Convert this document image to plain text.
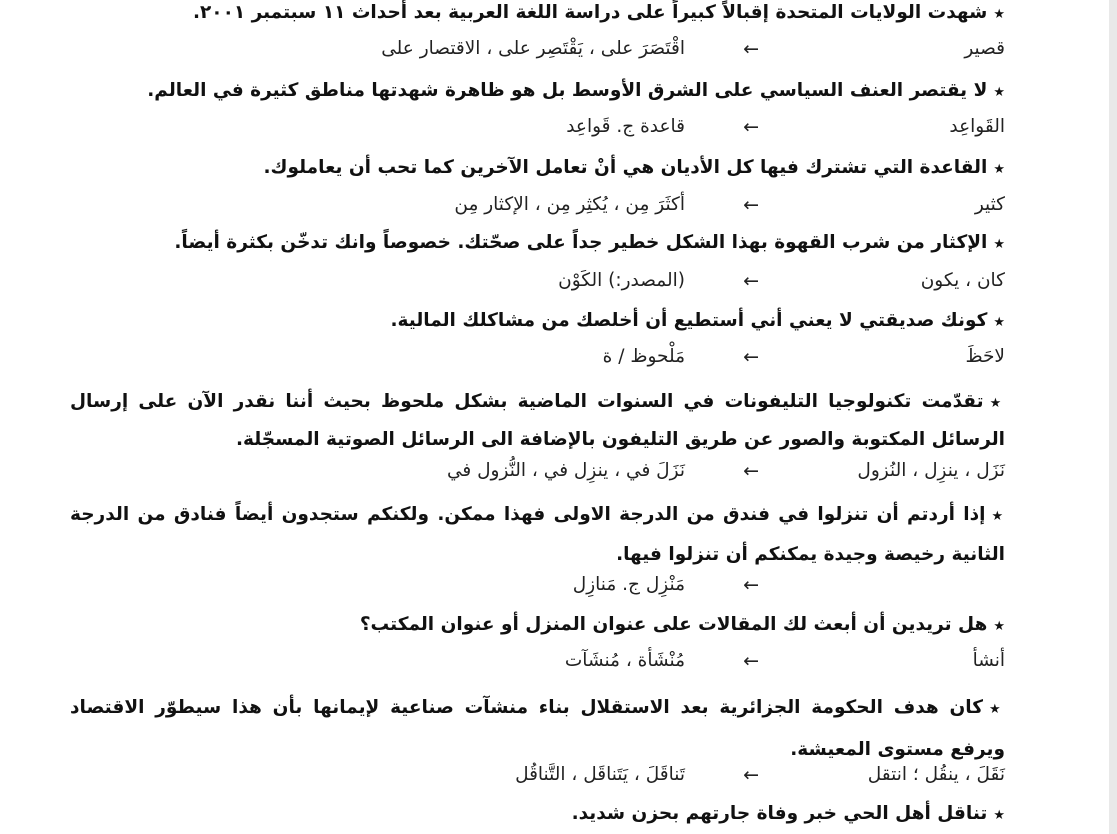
★شهدت الولايات المتحدة إقبالاً كبيراً على دراسة اللغة العربية بعد أحداث ١١ سبتمبر ٢٠٠١.
قصير
←
اقْتَصَرَ على ، يَقْتَصِر على ، الاقتصار على
★لا يقتصر العنف السياسي على الشرق الأوسط بل هو ظاهرة شهدتها مناطق كثيرة في العالم.
القَواعِد
←
قاعدة ج. قَواعِد
★القاعدة التي تشترك فيها كل الأديان هي أنْ تعامل الآخرين كما تحب أن يعاملوك.
كثير
←
أكثَرَ مِن ، يُكثِر مِن ، الإكثار مِن
★الإكثار من شرب القهوة بهذا الشكل خطير جداً على صحّتك. خصوصاً وانك تدخّن بكثرة أيضاً.
كان ، يكون
←
(المصدر:) الكَوْن
★كونك صديقتي لا يعني أني أستطيع أن أخلصك من مشاكلك المالية.
لاحَظَ
←
مَلْحوظ / ة
★تقدّمت تكنولوجيا التليفونات في السنوات الماضية بشكل ملحوظ بحيث أننا نقدر الآن على إرسال الرسائل المكتوبة والصور عن طريق التليفون بالإضافة الى الرسائل الصوتية المسجّلة.
نَزَل ، ينزِل ، النُزول
←
نَزَلَ في ، ينزِل في ، النُّزول في
★إذا أردتم أن تنزلوا في فندق من الدرجة الاولى فهذا ممكن. ولكنكم ستجدون أيضاً فنادق من الدرجة الثانية رخيصة وجيدة يمكنكم أن تنزلوا فيها.
←
مَنْزِل ج. مَنازِل
★هل تريدين أن أبعث لك المقالات على عنوان المنزل أو عنوان المكتب؟
أنشأ
←
مُنْشَأة ، مُنشَآت
★كان هدف الحكومة الجزائرية بعد الاستقلال بناء منشآت صناعية لإيمانها بأن هذا سيطوّر الاقتصاد ويرفع مستوى المعيشة.
نَقَلَ ، ينقُل ؛ انتقل
←
تَناقَلَ ، يَتَناقَل ، التَّناقُل
★تناقل أهل الحي خبر وفاة جارتهم بحزن شديد.
